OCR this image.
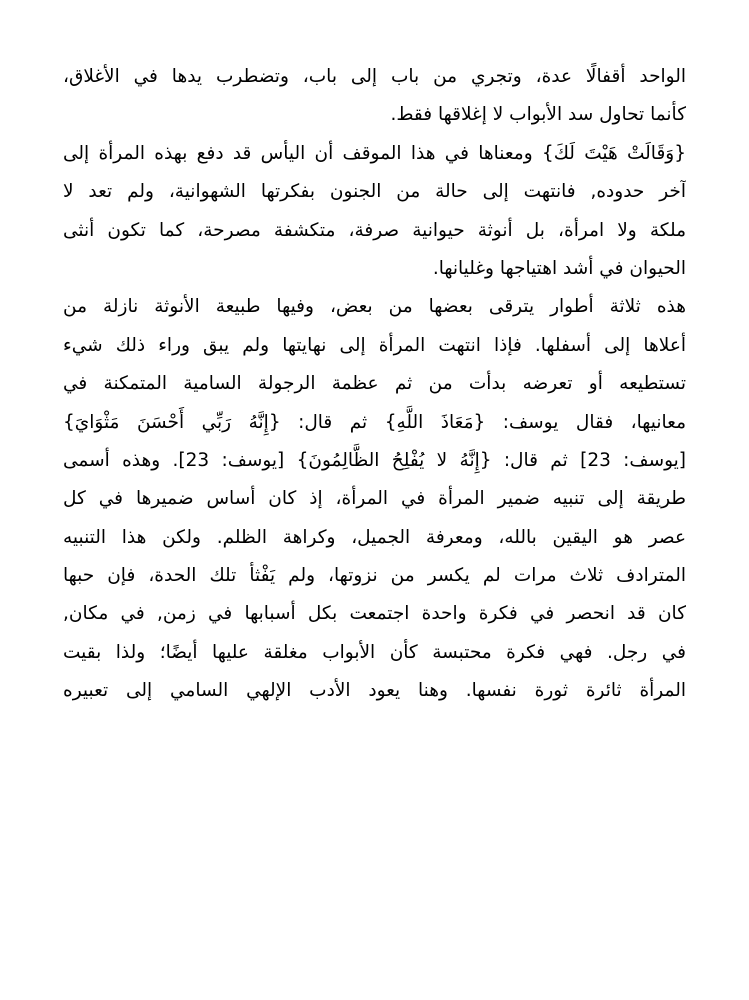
الواحد أقفالًا عدة، وتجري من باب إلى باب، وتضطرب يدها في الأغلاق،
كأنما تحاول سد الأبواب لا إغلاقها فقط.
{وَقَالَتْ هَيْتَ لَكَ} ومعناها في هذا الموقف أن اليأس قد دفع بهذه المرأة إلى
آخر حدوده, فانتهت إلى حالة من الجنون بفكرتها الشهوانية، ولم تعد لا
ملكة ولا امرأة، بل أنوثة حيوانية صرفة، متكشفة مصرحة، كما تكون أنثى
الحيوان في أشد اهتياجها وغليانها.
هذه ثلاثة أطوار يترقى بعضها من بعض، وفيها طبيعة الأنوثة نازلة من
أعلاها إلى أسفلها. فإذا انتهت المرأة إلى نهايتها ولم يبق وراء ذلك شيء
تستطيعه أو تعرضه بدأت من ثم عظمة الرجولة السامية المتمكنة في
معانيها، فقال يوسف: {مَعَاذَ اللَّهِ} ثم قال: {إِنَّهُ رَبِّي أَحْسَنَ مَثْوَايَ}
[يوسف: 23] ثم قال: {إِنَّهُ لا يُفْلِحُ الظَّالِمُونَ} [يوسف: 23]. وهذه أسمى
طريقة إلى تنبيه ضمير المرأة في المرأة، إذ كان أساس ضميرها في كل
عصر هو اليقين بالله، ومعرفة الجميل، وكراهة الظلم. ولكن هذا التنبيه
المترادف ثلاث مرات لم يكسر من نزوتها، ولم يَفْثأ تلك الحدة، فإن حبها
كان قد انحصر في فكرة واحدة اجتمعت بكل أسبابها في زمن, في مكان,
في رجل. فهي فكرة محتبسة كأن الأبواب مغلقة عليها أيضًا؛ ولذا بقيت
المرأة ثائرة ثورة نفسها. وهنا يعود الأدب الإلهي السامي إلى تعبيره
